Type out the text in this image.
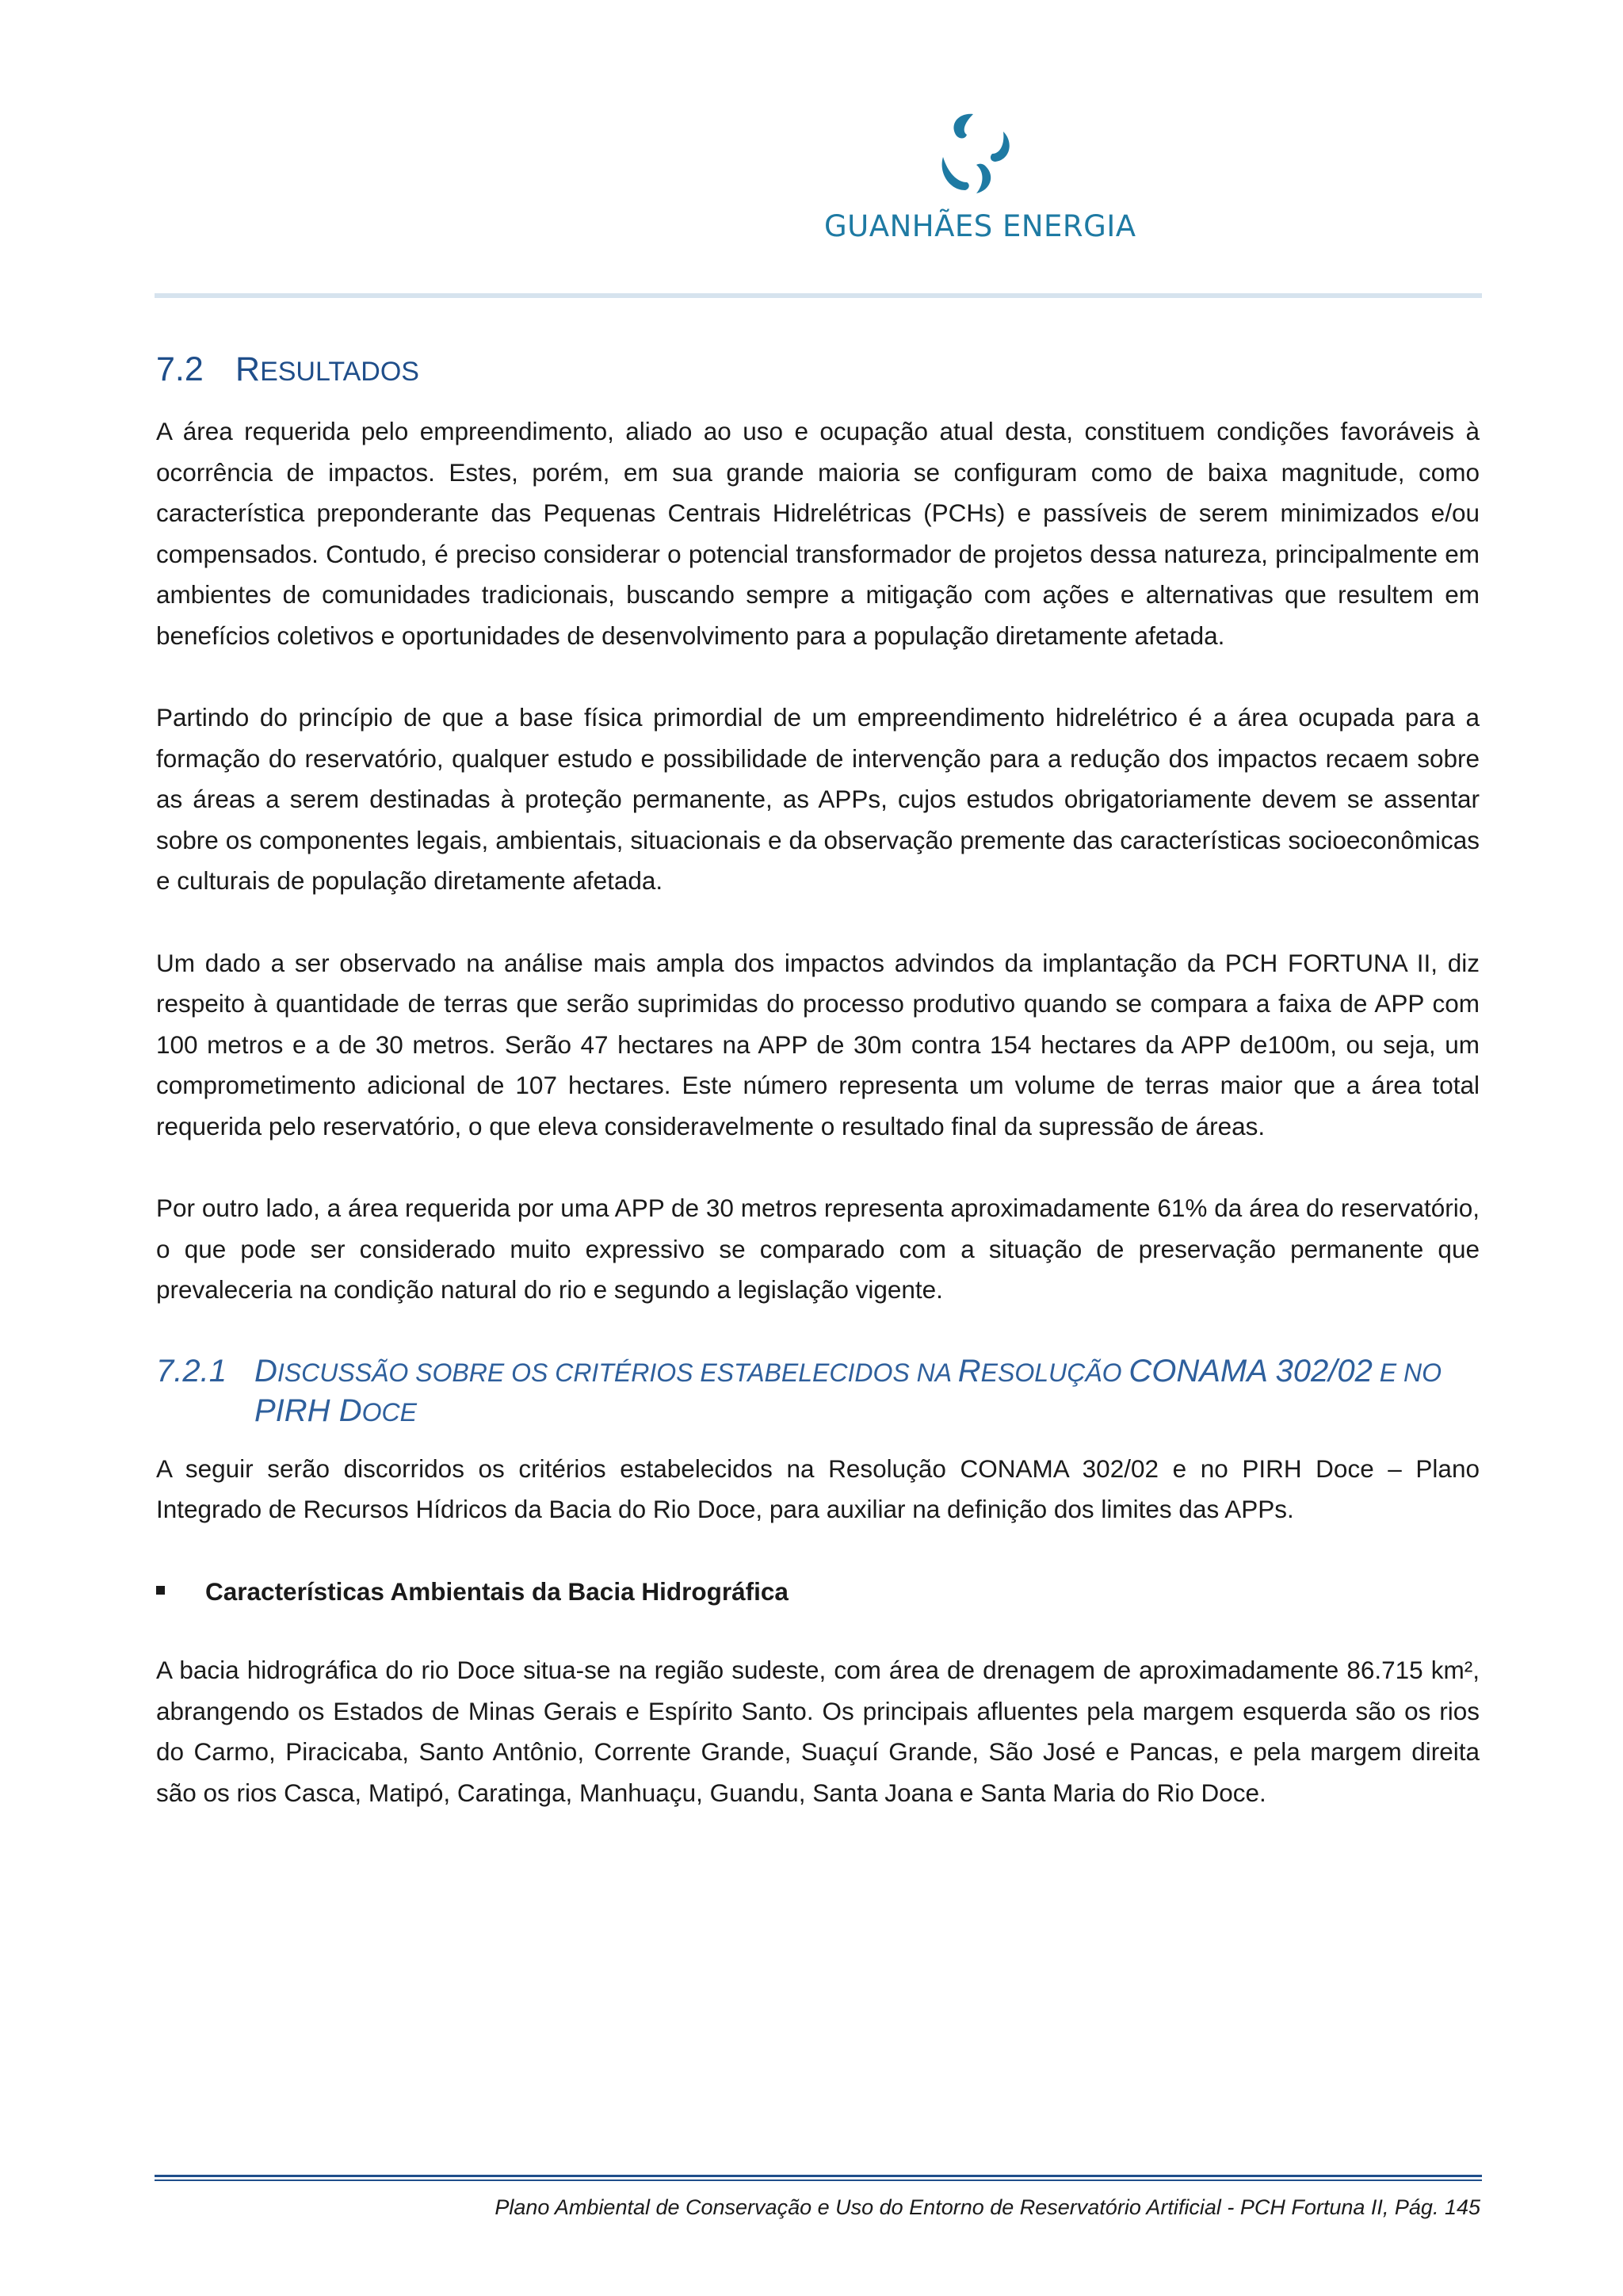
GUANHÃES ENERGIA
7.2 RESULTADOS

A área requerida pelo empreendimento, aliado ao uso e ocupação atual desta, constituem condições favoráveis à ocorrência de impactos. Estes, porém, em sua grande maioria se configuram como de baixa magnitude, como característica preponderante das Pequenas Centrais Hidrelétricas (PCHs) e passíveis de serem minimizados e/ou compensados. Contudo, é preciso considerar o potencial transformador de projetos dessa natureza, principalmente em ambientes de comunidades tradicionais, buscando sempre a mitigação com ações e alternativas que resultem em benefícios coletivos e oportunidades de desenvolvimento para a população diretamente afetada.

Partindo do princípio de que a base física primordial de um empreendimento hidrelétrico é a área ocupada para a formação do reservatório, qualquer estudo e possibilidade de intervenção para a redução dos impactos recaem sobre as áreas a serem destinadas à proteção permanente, as APPs, cujos estudos obrigatoriamente devem se assentar sobre os componentes legais, ambientais, situacionais e da observação premente das características socioeconômicas e culturais de população diretamente afetada.

Um dado a ser observado na análise mais ampla dos impactos advindos da implantação da PCH FORTUNA II, diz respeito à quantidade de terras que serão suprimidas do processo produtivo quando se compara a faixa de APP com 100 metros e a de 30 metros. Serão 47 hectares na APP de 30m contra 154 hectares da APP de100m, ou seja, um comprometimento adicional de 107 hectares. Este número representa um volume de terras maior que a área total requerida pelo reservatório, o que eleva consideravelmente o resultado final da supressão de áreas.

Por outro lado, a área requerida por uma APP de 30 metros representa aproximadamente 61% da área do reservatório, o que pode ser considerado muito expressivo se comparado com a situação de preservação permanente que prevaleceria na condição natural do rio e segundo a legislação vigente.

7.2.1 DISCUSSÃO SOBRE OS CRITÉRIOS ESTABELECIDOS NA RESOLUÇÃO CONAMA 302/02 E NO PIRH DOCE

A seguir serão discorridos os critérios estabelecidos na Resolução CONAMA 302/02 e no PIRH Doce – Plano Integrado de Recursos Hídricos da Bacia do Rio Doce, para auxiliar na definição dos limites das APPs.

Características Ambientais da Bacia Hidrográfica

A bacia hidrográfica do rio Doce situa-se na região sudeste, com área de drenagem de aproximadamente 86.715 km², abrangendo os Estados de Minas Gerais e Espírito Santo. Os principais afluentes pela margem esquerda são os rios do Carmo, Piracicaba, Santo Antônio, Corrente Grande, Suaçuí Grande, São José e Pancas, e pela margem direita são os rios Casca, Matipó, Caratinga, Manhuaçu, Guandu, Santa Joana e Santa Maria do Rio Doce.

Plano Ambiental de Conservação e Uso do Entorno de Reservatório Artificial - PCH Fortuna II, Pág. 145
